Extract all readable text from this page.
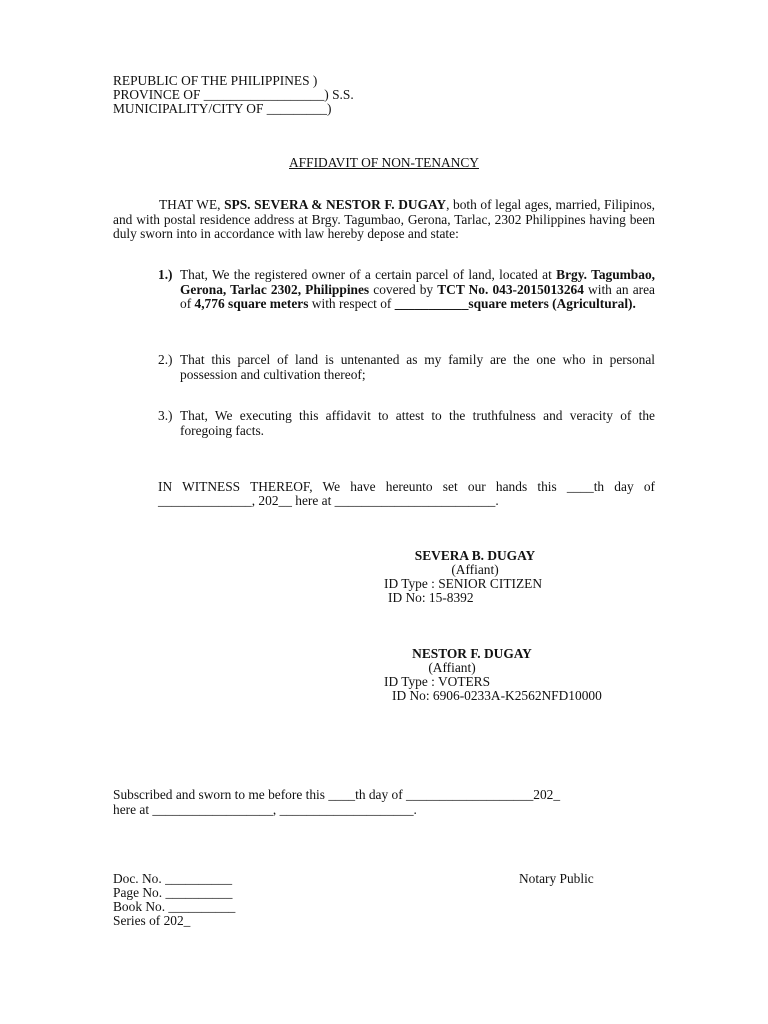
REPUBLIC OF THE PHILIPPINES )
PROVINCE OF __________________) S.S.
MUNICIPALITY/CITY OF _________)
AFFIDAVIT OF NON-TENANCY
THAT WE, SPS. SEVERA & NESTOR F. DUGAY, both of legal ages, married, Filipinos, and with postal residence address at Brgy. Tagumbao, Gerona, Tarlac, 2302 Philippines having been duly sworn into in accordance with law hereby depose and state:
1.) That, We the registered owner of a certain parcel of land, located at Brgy. Tagumbao, Gerona, Tarlac 2302, Philippines covered by TCT No. 043-2015013264 with an area of 4,776 square meters with respect of ___________square meters (Agricultural).
2.) That this parcel of land is untenanted as my family are the one who in personal possession and cultivation thereof;
3.) That, We executing this affidavit to attest to the truthfulness and veracity of the foregoing facts.
IN WITNESS THEREOF, We have hereunto set our hands this ____th day of
______________, 202__ here at ________________________.
SEVERA B. DUGAY
(Affiant)
ID Type : SENIOR CITIZEN
ID No: 15-8392
NESTOR F. DUGAY
(Affiant)
ID Type : VOTERS
ID No: 6906-0233A-K2562NFD10000
Subscribed and sworn to me before this ____th day of ___________________202_
here at __________________, ____________________.
Doc. No. __________
Page No. __________
Book No. __________
Series of 202_
Notary Public
